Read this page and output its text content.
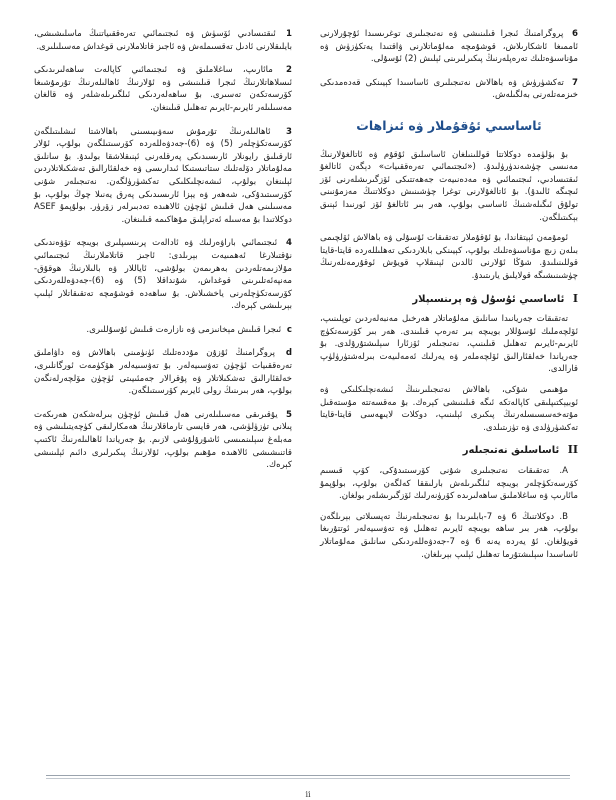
6 پروگرامنىڭ ئىجرا قىلىنىشى ۋە نەتىجىلىرى توغرىسىدا ئۇچۇرلارنى ئاممىغا ئاشكارىلاش، قوشۇمچە مەلۇماتلارنى ۋاقتىدا يەتكۈزۈش ۋە مۇناسىۋەتلىك تەرەپلەرنىڭ پىكىرلىرىنى ئېلىش (2) ئۇسۇلى.
7 تەكشۈرۈش ۋە باھالاش نەتىجىلىرى ئاساسىدا كېيىنكى قەدەمدىكى خىزمەتلەرنى بەلگىلەش.
ئاساسىي ئۇقۇملار ۋە ئىزاھات

بۇ بۆلۈمدە دوكلاتتا قوللىنىلغان ئاساسلىق ئۇقۇم ۋە ئاتالغۇلارنىڭ مەنىسى چۈشەندۈرۈلىدۇ. («ئىجتىمائىي تەرەققىيات» دېگەن ئاتالغۇ ئىقتىسادىي، ئىجتىمائىي ۋە مەدەنىيەت جەھەتتىكى ئۆزگىرىشلەرنى ئۆز ئىچىگە ئالىدۇ). بۇ ئاتالغۇلارنى توغرا چۈشىنىش دوكلاتنىڭ مەزمۇنىنى تولۇق ئىگىلەشنىڭ ئاساسى بولۇپ، ھەر بىر ئاتالغۇ ئۆز ئورنىدا ئېنىق بېكىتىلگەن.

ئومۇمەن ئېيتقاندا، بۇ ئۇقۇملار تەتقىقات ئۇسۇلى ۋە باھالاش ئۆلچىمى بىلەن زىچ مۇناسىۋەتلىك بولۇپ، كېيىنكى بابلاردىكى تەھلىللەردە قايتا-قايتا قوللىنىلىدۇ. شۇڭا ئۇلارنى ئالدىن ئېنىقلاپ قويۇش ئوقۇرمەنلەرنىڭ چۈشىنىشىگە قولايلىق يارىتىدۇ.

I ئاساسىي ئۇسۇل ۋە پرىنسىپلار

تەتقىقات جەريانىدا سانلىق مەلۇماتلار ھەرخىل مەنبەلەردىن توپلىنىپ، ئۆلچەملىك ئۇسۇللار بويىچە بىر تەرەپ قىلىندى. ھەر بىر كۆرسەتكۈچ ئايرىم-ئايرىم تەھلىل قىلىنىپ، نەتىجىلەر ئۆزئارا سېلىشتۇرۇلدى. بۇ جەرياندا خەلقئارالىق ئۆلچەملەر ۋە يەرلىك ئەمەلىيەت بىرلەشتۈرۈلۈپ قارالدى.

مۇھىمى شۇكى، باھالاش نەتىجىلىرىنىڭ ئىشەنچلىكلىكى ۋە ئوبيېكتىپلىقى كاپالەتكە ئىگە قىلىنىشى كېرەك. بۇ مەقسەتتە مۇستەقىل مۇتەخەسسىسلەرنىڭ پىكىرى ئېلىنىپ، دوكلات لايىھەسى قايتا-قايتا تەكشۈرۈلدى ۋە تۈزىتىلدى.

II ئاساسلىق نەتىجىلەر

A. تەتقىقات نەتىجىلىرى شۇنى كۆرسىتىدۇكى، كۆپ قىسىم كۆرسەتكۈچلەر بويىچە ئىلگىرىلەش بارلىققا كەلگەن بولۇپ، بولۇپمۇ مائارىپ ۋە ساغلاملىق ساھەلىرىدە كۆرۈنەرلىك ئۆزگىرىشلەر بولغان.

B. دوكلاتنىڭ 6 ۋە 7-بابلىرىدا بۇ نەتىجىلەرنىڭ تەپسىلاتى بېرىلگەن بولۇپ، ھەر بىر ساھە بويىچە ئايرىم تەھلىل ۋە تەۋسىيەلەر ئوتتۇرىغا قويۇلغان. ئۇ يەردە يەنە 6 ۋە 7-جەدۋەللەردىكى سانلىق مەلۇماتلار ئاساسىدا سېلىشتۇرما تەھلىل ئېلىپ بېرىلغان.

1 ئىقتىسادىي ئۆسۈش ۋە ئىجتىمائىي تەرەققىياتنىڭ ماسلىشىشى، بايلىقلارنى ئادىل تەقسىملەش ۋە ئاجىز قاتلاملارنى قوغداش مەسىلىلىرى.
2 مائارىپ، ساغلاملىق ۋە ئىجتىمائىي كاپالەت ساھەلىرىدىكى ئىسلاھاتلارنىڭ ئىجرا قىلىنىشى ۋە ئۇلارنىڭ ئاھالىلەرنىڭ تۇرمۇشىغا كۆرسەتكەن تەسىرى. بۇ ساھەلەردىكى ئىلگىرىلەشلەر ۋە قالغان مەسىلىلەر ئايرىم-ئايرىم تەھلىل قىلىنغان.
3 ئاھالىلەرنىڭ تۇرمۇش سەۋىيىسىنى باھالاشتا ئىشلىتىلگەن كۆرسەتكۈچلەر (5) ۋە (6)-جەدۋەللەردە كۆرسىتىلگەن بولۇپ، ئۇلار ئارقىلىق رايونلار ئارىسىدىكى پەرقلەرنى ئېنىقلاشقا بولىدۇ. بۇ سانلىق مەلۇماتلار دۆلەتلىك ستاتىستىكا ئىدارىسى ۋە خەلقئارالىق تەشكىلاتلاردىن ئېلىنغان بولۇپ، ئىشەنچلىكلىكى تەكشۈرۈلگەن. نەتىجىلەر شۇنى كۆرسىتىدۇكى، شەھەر ۋە يېزا ئارىسىدىكى پەرق يەنىلا چوڭ بولۇپ، بۇ مەسىلىنى ھەل قىلىش ئۈچۈن ئالاھىدە تەدبىرلەر زۆرۈر. بولۇپمۇ ASEF دوكلاتىدا بۇ مەسىلە ئەتراپلىق مۇھاكىمە قىلىنغان.
4 ئىجتىمائىي باراۋەرلىك ۋە ئادالەت پرىنسىپلىرى بويىچە تۆۋەندىكى نۇقتىلارغا ئەھمىيەت بېرىلدى: ئاجىز قاتلاملارنىڭ ئىجتىمائىي مۇلازىمەتلەردىن بەھرىمەن بولۇشى، ئاياللار ۋە بالىلارنىڭ ھوقۇق-مەنپەئەتلىرىنى قوغداش، شۇنداقلا (5) ۋە (6)-جەدۋەللەردىكى كۆرسەتكۈچلەرنى ياخشىلاش. بۇ ساھەدە قوشۇمچە تەتقىقاتلار ئېلىپ بېرىلىشى كېرەك.
c ئىجرا قىلىش مېخانىزمى ۋە نازارەت قىلىش ئۇسۇللىرى.
d پروگرامنىڭ ئۇزۇن مۇددەتلىك ئۈنۈمىنى باھالاش ۋە داۋاملىق تەرەققىيات ئۈچۈن تەۋسىيەلەر. بۇ تەۋسىيەلەر ھۆكۈمەت ئورگانلىرى، خەلقئارالىق تەشكىلاتلار ۋە پۇقرالار جەمئىيىتى ئۈچۈن مۆلچەرلەنگەن بولۇپ، ھەر بىرىنىڭ رولى ئايرىم كۆرسىتىلگەن.
5 يۇقىرىقى مەسىلىلەرنى ھەل قىلىش ئۈچۈن بىرلەشكەن ھەرىكەت پىلانى تۈزۈلۈشى، ھەر قايسى تارماقلارنىڭ ھەمكارلىقى كۈچەيتىلىشى ۋە مەبلەغ سېلىنمىسى ئاشۇرۇلۇشى لازىم. بۇ جەرياندا ئاھالىلەرنىڭ ئاكتىپ قاتنىشىشى ئالاھىدە مۇھىم بولۇپ، ئۇلارنىڭ پىكىرلىرى دائىم ئېلىنىشى كېرەك.
ii
